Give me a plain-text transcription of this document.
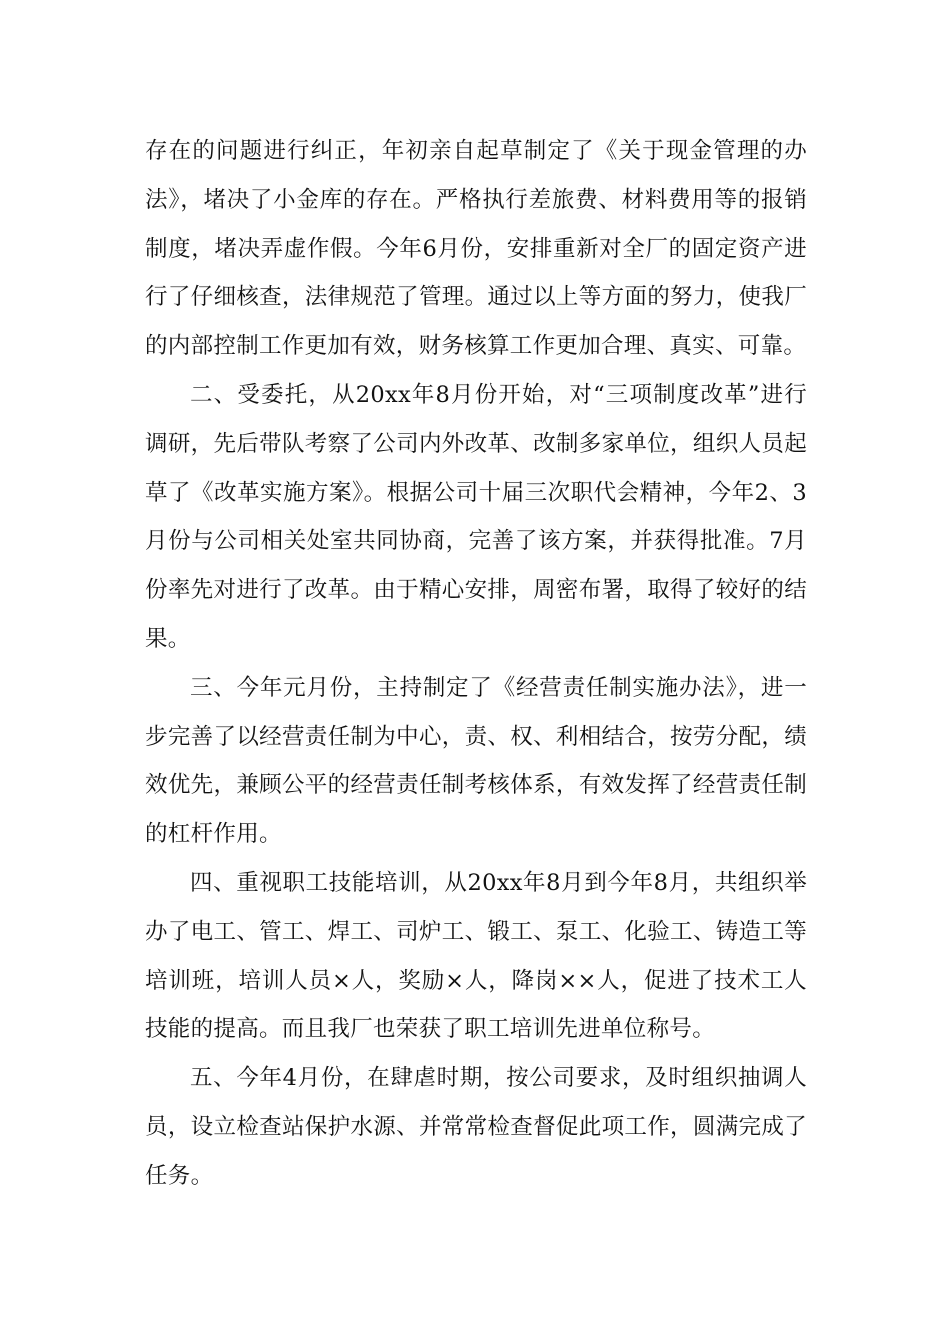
存在的问题进行纠正，年初亲自起草制定了《关于现金管理的办法》，堵决了小金库的存在。严格执行差旅费、材料费用等的报销制度，堵决弄虚作假。今年6月份，安排重新对全厂的固定资产进行了仔细核查，法律规范了管理。通过以上等方面的努力，使我厂的内部控制工作更加有效，财务核算工作更加合理、真实、可靠。

二、受委托，从20xx年8月份开始，对“三项制度改革”进行调研，先后带队考察了公司内外改革、改制多家单位，组织人员起草了《改革实施方案》。根据公司十届三次职代会精神，今年2、3月份与公司相关处室共同协商，完善了该方案，并获得批准。7月份率先对进行了改革。由于精心安排，周密布署，取得了较好的结果。

三、今年元月份，主持制定了《经营责任制实施办法》，进一步完善了以经营责任制为中心，责、权、利相结合，按劳分配，绩效优先，兼顾公平的经营责任制考核体系，有效发挥了经营责任制的杠杆作用。

四、重视职工技能培训，从20xx年8月到今年8月，共组织举办了电工、管工、焊工、司炉工、锻工、泵工、化验工、铸造工等培训班，培训人员×人，奖励×人，降岗××人，促进了技术工人技能的提高。而且我厂也荣获了职工培训先进单位称号。

五、今年4月份，在肆虐时期，按公司要求，及时组织抽调人员，设立检查站保护水源、并常常检查督促此项工作，圆满完成了任务。
